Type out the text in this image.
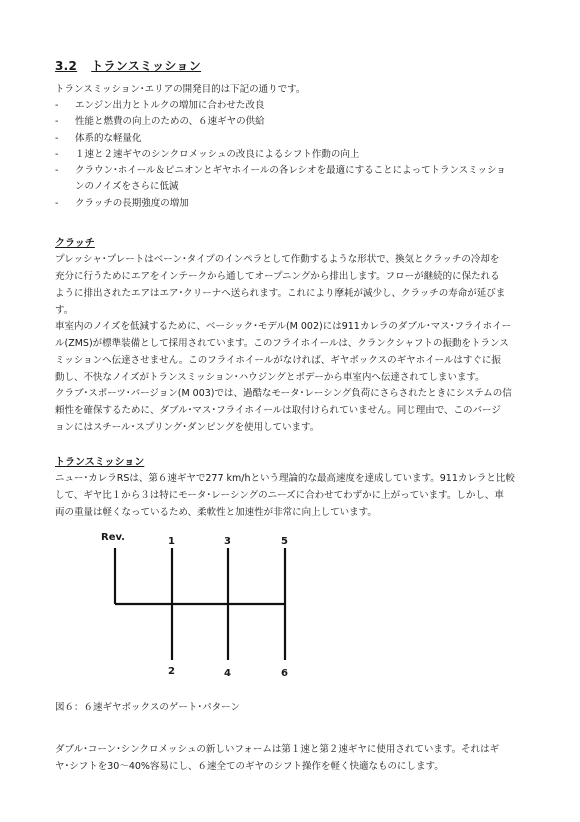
3.2 トランスミッション
トランスミッション･エリアの開発目的は下記の通りです。
- エンジン出力とトルクの増加に合わせた改良
- 性能と燃費の向上のための、６速ギヤの供給
- 体系的な軽量化
- １速と２速ギヤのシンクロメッシュの改良によるシフト作動の向上
- クラウン･ホイール＆ピニオンとギヤホイールの各レシオを最適にすることによってトランスミッショ
ンのノイズをさらに低減
- クラッチの長期強度の増加
クラッチ
プレッシャ･プレートはベーン･タイプのインペラとして作動するような形状で、換気とクラッチの冷却を
充分に行うためにエアをインテークから通してオープニングから排出します。フローが継続的に保たれる
ように排出されたエアはエア･クリーナへ送られます。これにより摩耗が減少し、クラッチの寿命が延びま
す。
車室内のノイズを低減するために、ベーシック･モデル(M 002)には911カレラのダブル･マス･フライホイー
ル(ZMS)が標準装備として採用されています。このフライホイールは、クランクシャフトの振動をトランス
ミッションへ伝達させません。このフライホイールがなければ、ギヤボックスのギヤホイールはすぐに振
動し、不快なノイズがトランスミッション･ハウジングとボデーから車室内へ伝達されてしまいます。
クラブ･スポーツ･バージョン(M 003)では、過酷なモータ･レーシング負荷にさらされたときにシステムの信
頼性を確保するために、ダブル･マス･フライホイールは取付けられていません。同じ理由で、このバージ
ョンにはスチール･スプリング･ダンピングを使用しています。
トランスミッション
ニュー･カレラRSは、第６速ギヤで277 km/hという理論的な最高速度を達成しています。911カレラと比較
して、ギヤ比１から３は特にモータ･レーシングのニーズに合わせてわずかに上がっています。しかし、車
両の重量は軽くなっているため、柔軟性と加速性が非常に向上しています。
Rev.	1	3	5
2	4	6
図６：６速ギヤボックスのゲート･パターン
ダブル･コーン･シンクロメッシュの新しいフォームは第１速と第２速ギヤに使用されています。それはギ
ヤ･シフトを30～40%容易にし、６速全てのギヤのシフト操作を軽く快適なものにします。
